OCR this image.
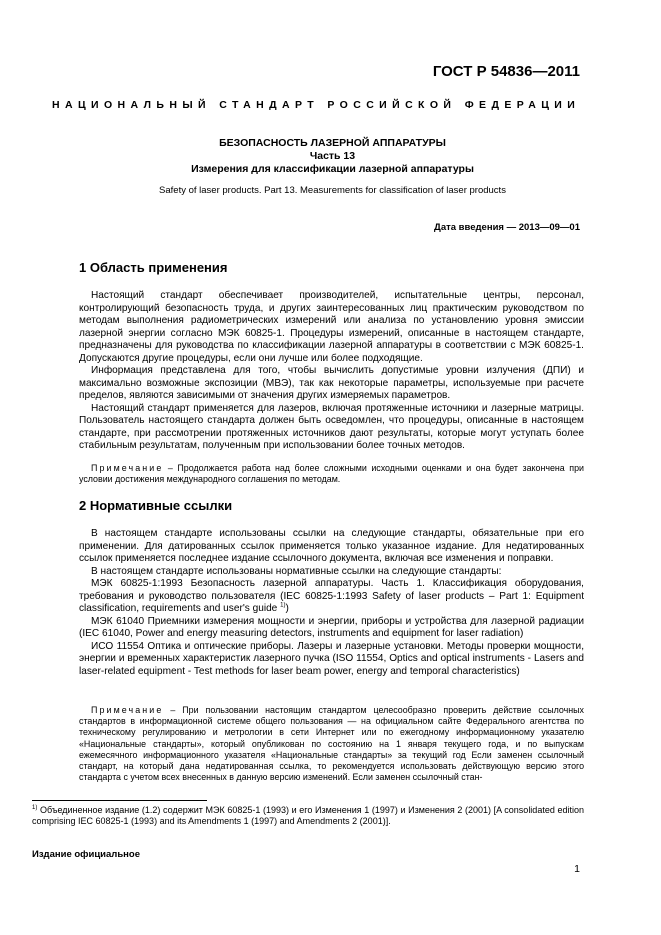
ГОСТ Р 54836—2011
НАЦИОНАЛЬНЫЙ СТАНДАРТ РОССИЙСКОЙ ФЕДЕРАЦИИ
БЕЗОПАСНОСТЬ ЛАЗЕРНОЙ АППАРАТУРЫ
Часть 13
Измерения для классификации лазерной аппаратуры
Safety of laser products. Part 13. Measurements for classification of laser products
Дата введения — 2013—09—01
1 Область применения

Настоящий стандарт обеспечивает производителей, испытательные центры, персонал, контролирующий безопасность труда, и других заинтересованных лиц практическим руководством по методам выполнения радиометрических измерений или анализа по установлению уровня эмиссии лазерной энергии согласно МЭК 60825-1. Процедуры измерений, описанные в настоящем стандарте, предназначены для руководства по классификации лазерной аппаратуры в соответствии с МЭК 60825-1. Допускаются другие процедуры, если они лучше или более подходящие.

Информация представлена для того, чтобы вычислить допустимые уровни излучения (ДПИ) и максимально возможные экспозиции (МВЭ), так как некоторые параметры, используемые при расчете пределов, являются зависимыми от значения других измеряемых параметров.

Настоящий стандарт применяется для лазеров, включая протяженные источники и лазерные матрицы. Пользователь настоящего стандарта должен быть осведомлен, что процедуры, описанные в настоящем стандарте, при рассмотрении протяженных источников дают результаты, которые могут уступать более стабильным результатам, полученным при использовании более точных методов.

Примечание – Продолжается работа над более сложными исходными оценками и она будет закончена при условии достижения международного соглашения по методам.

2 Нормативные ссылки

В настоящем стандарте использованы ссылки на следующие стандарты, обязательные при его применении. Для датированных ссылок применяется только указанное издание. Для недатированных ссылок применяется последнее издание ссылочного документа, включая все изменения и поправки.

В настоящем стандарте использованы нормативные ссылки на следующие стандарты:

МЭК 60825-1:1993 Безопасность лазерной аппаратуры. Часть 1. Классификация оборудования, требования и руководство пользователя (IEC 60825-1:1993 Safety of laser products – Part 1: Equipment classification, requirements and user's guide $^{1)}$)

МЭК 61040 Приемники измерения мощности и энергии, приборы и устройства для лазерной радиации (IEC 61040, Power and energy measuring detectors, instruments and equipment for laser radiation)

ИСО 11554 Оптика и оптические приборы. Лазеры и лазерные установки. Методы проверки мощности, энергии и временных характеристик лазерного пучка (ISO 11554, Optics and optical instruments - Lasers and laser-related equipment - Test methods for laser beam power, energy and temporal characteristics)

Примечание – При пользовании настоящим стандартом целесообразно проверить действие ссылочных стандартов в информационной системе общего пользования — на официальном сайте Федерального агентства по техническому регулированию и метрологии в сети Интернет или по ежегодному информационному указателю «Национальные стандарты», который опубликован по состоянию на 1 января текущего года, и по выпускам ежемесячного информационного указателя «Национальные стандарты» за текущий год Если заменен ссылочный стандарт, на который дана недатированная ссылка, то рекомендуется использовать действующую версию этого стандарта с учетом всех внесенных в данную версию изменений. Если заменен ссылочный стан-

$^{1)}$ Объединенное издание (1.2) содержит МЭК 60825-1 (1993) и его Изменения 1 (1997) и Изменения 2 (2001) [A consolidated edition comprising IEC 60825-1 (1993) and its Amendments 1 (1997) and Amendments 2 (2001)].

Издание официальное
1
